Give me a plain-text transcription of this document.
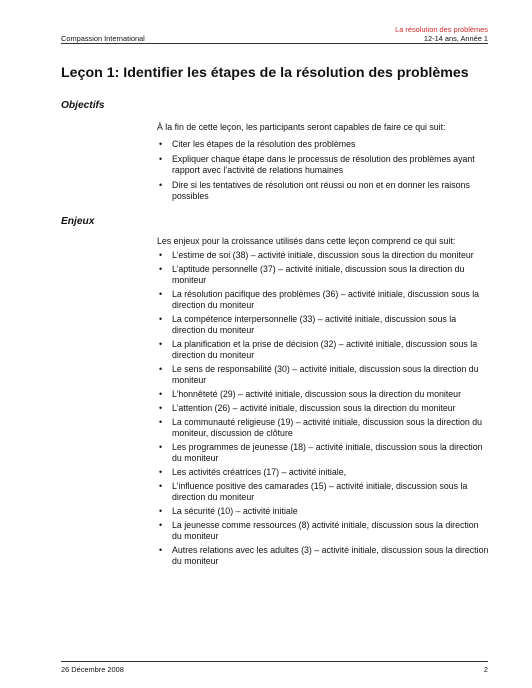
La résolution des problèmes
12-14 ans, Année 1
Compassion International
Leçon 1: Identifier les étapes de la résolution des problèmes
Objectifs

À la fin de cette leçon, les participants seront capables de faire ce qui suit:

• Citer les étapes de la résolution des problèmes
• Expliquer chaque étape dans le processus de résolution des problèmes ayant rapport avec l’activité de relations humaines
• Dire si les tentatives de résolution ont réussi ou non et en donner les raisons possibles
Enjeux

Les enjeux pour la croissance utilisés dans cette leçon comprend ce qui suit:

• L’estime de soi (38) – activité initiale, discussion sous la direction du moniteur
• L’aptitude personnelle (37) – activité initiale, discussion sous la direction du moniteur
• La résolution pacifique des problèmes (36) – activité initiale, discussion sous la direction du moniteur
• La compétence interpersonnelle (33) – activité initiale, discussion sous la direction du moniteur
• La planification et la prise de décision (32) – activité initiale, discussion sous la direction du moniteur
• Le sens de responsabilité (30) – activité initiale, discussion sous la direction du moniteur
• L’honnêteté (29) – activité initiale, discussion sous la direction du moniteur
• L’attention (26) – activité initiale, discussion sous la direction du moniteur
• La communauté religieuse (19) – activité initiale, discussion sous la direction du moniteur, discussion de clôture
• Les programmes de jeunesse (18) – activité initiale, discussion sous la direction du moniteur
• Les activités créatrices (17) – activité initiale,
• L’influence positive des camarades (15) – activité initiale, discussion sous la direction du moniteur
• La sécurité (10) – activité initiale
• La jeunesse comme ressources (8) activité initiale, discussion sous la direction du moniteur
• Autres relations avec les adultes (3) – activité initiale, discussion sous la direction du moniteur
26 Décembre 2008	2
